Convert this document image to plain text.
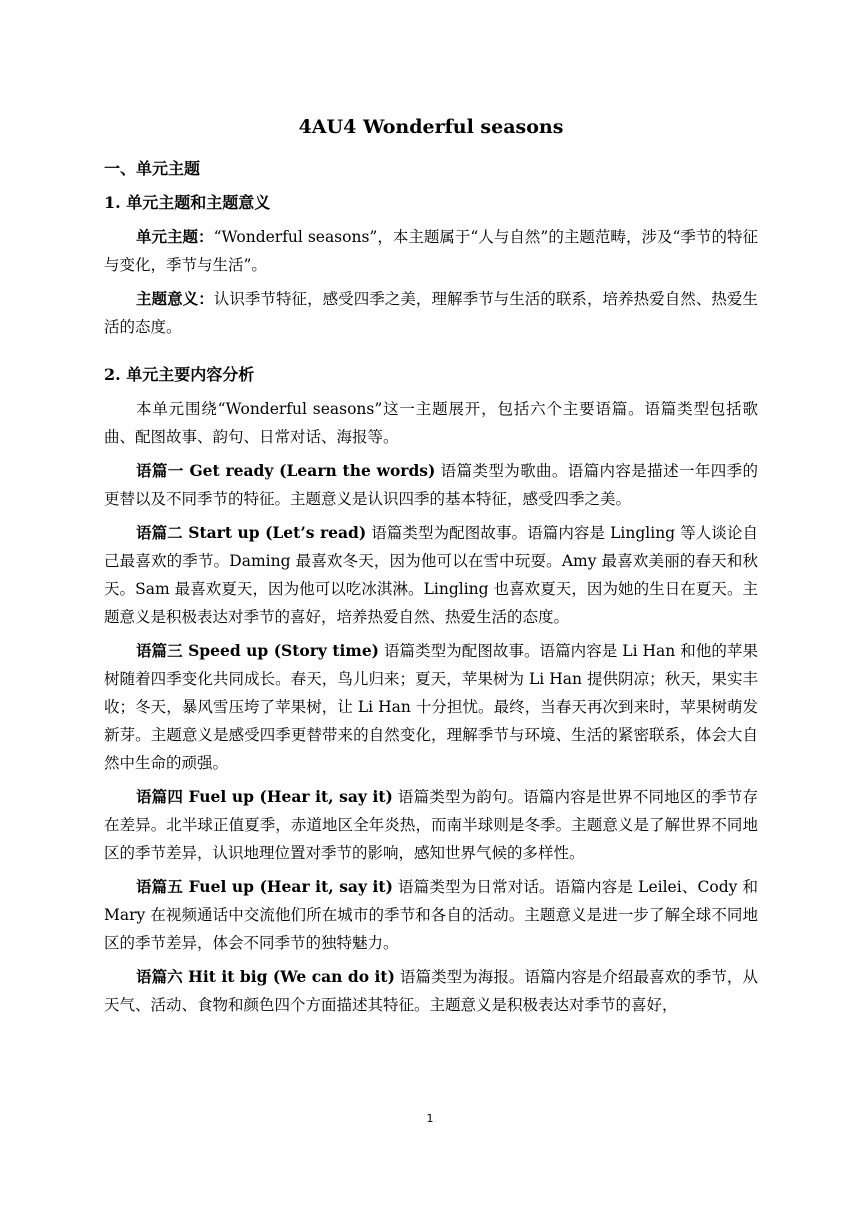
4AU4 Wonderful seasons
一、单元主题
1. 单元主题和主题意义

单元主题：“Wonderful seasons”，本主题属于“人与自然”的主题范畴，涉及“季节的特征与变化，季节与生活”。

主题意义：认识季节特征，感受四季之美，理解季节与生活的联系，培养热爱自然、热爱生活的态度。

2. 单元主要内容分析

本单元围绕“Wonderful seasons”这一主题展开，包括六个主要语篇。语篇类型包括歌曲、配图故事、韵句、日常对话、海报等。

语篇一 Get ready (Learn the words) 语篇类型为歌曲。语篇内容是描述一年四季的更替以及不同季节的特征。主题意义是认识四季的基本特征，感受四季之美。

语篇二 Start up (Let’s read) 语篇类型为配图故事。语篇内容是 Lingling 等人谈论自己最喜欢的季节。Daming 最喜欢冬天，因为他可以在雪中玩耍。Amy 最喜欢美丽的春天和秋天。Sam 最喜欢夏天，因为他可以吃冰淇淋。Lingling 也喜欢夏天，因为她的生日在夏天。主题意义是积极表达对季节的喜好，培养热爱自然、热爱生活的态度。

语篇三 Speed up (Story time) 语篇类型为配图故事。语篇内容是 Li Han 和他的苹果树随着四季变化共同成长。春天，鸟儿归来；夏天，苹果树为 Li Han 提供阴凉；秋天，果实丰收；冬天，暴风雪压垮了苹果树，让 Li Han 十分担忧。最终，当春天再次到来时，苹果树萌发新芽。主题意义是感受四季更替带来的自然变化，理解季节与环境、生活的紧密联系，体会大自然中生命的顽强。

语篇四 Fuel up (Hear it, say it) 语篇类型为韵句。语篇内容是世界不同地区的季节存在差异。北半球正值夏季，赤道地区全年炎热，而南半球则是冬季。主题意义是了解世界不同地区的季节差异，认识地理位置对季节的影响，感知世界气候的多样性。

语篇五 Fuel up (Hear it, say it) 语篇类型为日常对话。语篇内容是 Leilei、Cody 和 Mary 在视频通话中交流他们所在城市的季节和各自的活动。主题意义是进一步了解全球不同地区的季节差异，体会不同季节的独特魅力。

语篇六 Hit it big (We can do it) 语篇类型为海报。语篇内容是介绍最喜欢的季节，从天气、活动、食物和颜色四个方面描述其特征。主题意义是积极表达对季节的喜好，

1
